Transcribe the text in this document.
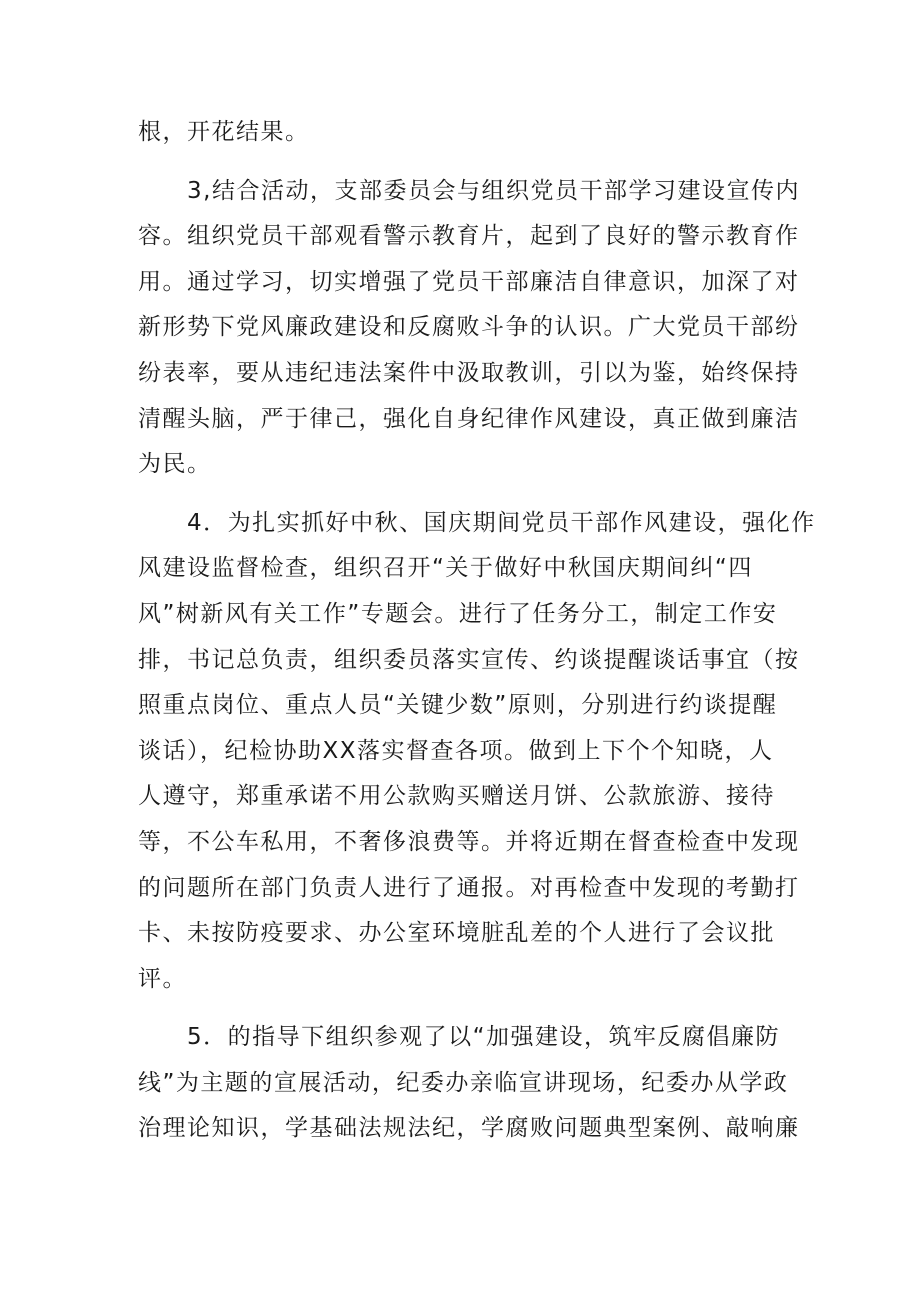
根，开花结果。
　　3,结合活动，支部委员会与组织党员干部学习建设宣传内
容。组织党员干部观看警示教育片，起到了良好的警示教育作
用。通过学习，切实增强了党员干部廉洁自律意识，加深了对
新形势下党风廉政建设和反腐败斗争的认识。广大党员干部纷
纷表率，要从违纪违法案件中汲取教训，引以为鉴，始终保持
清醒头脑，严于律己，强化自身纪律作风建设，真正做到廉洁
为民。
　　4．为扎实抓好中秋、国庆期间党员干部作风建设，强化作
风建设监督检查，组织召开“关于做好中秋国庆期间纠“四
风”树新风有关工作”专题会。进行了任务分工，制定工作安
排，书记总负责，组织委员落实宣传、约谈提醒谈话事宜（按
照重点岗位、重点人员“关键少数”原则，分别进行约谈提醒
谈话），纪检协助XX落实督查各项。做到上下个个知晓，人
人遵守，郑重承诺不用公款购买赠送月饼、公款旅游、接待
等，不公车私用，不奢侈浪费等。并将近期在督查检查中发现
的问题所在部门负责人进行了通报。对再检查中发现的考勤打
卡、未按防疫要求、办公室环境脏乱差的个人进行了会议批
评。
　　5．的指导下组织参观了以“加强建设，筑牢反腐倡廉防
线”为主题的宣展活动，纪委办亲临宣讲现场，纪委办从学政
治理论知识，学基础法规法纪，学腐败问题典型案例、敲响廉
